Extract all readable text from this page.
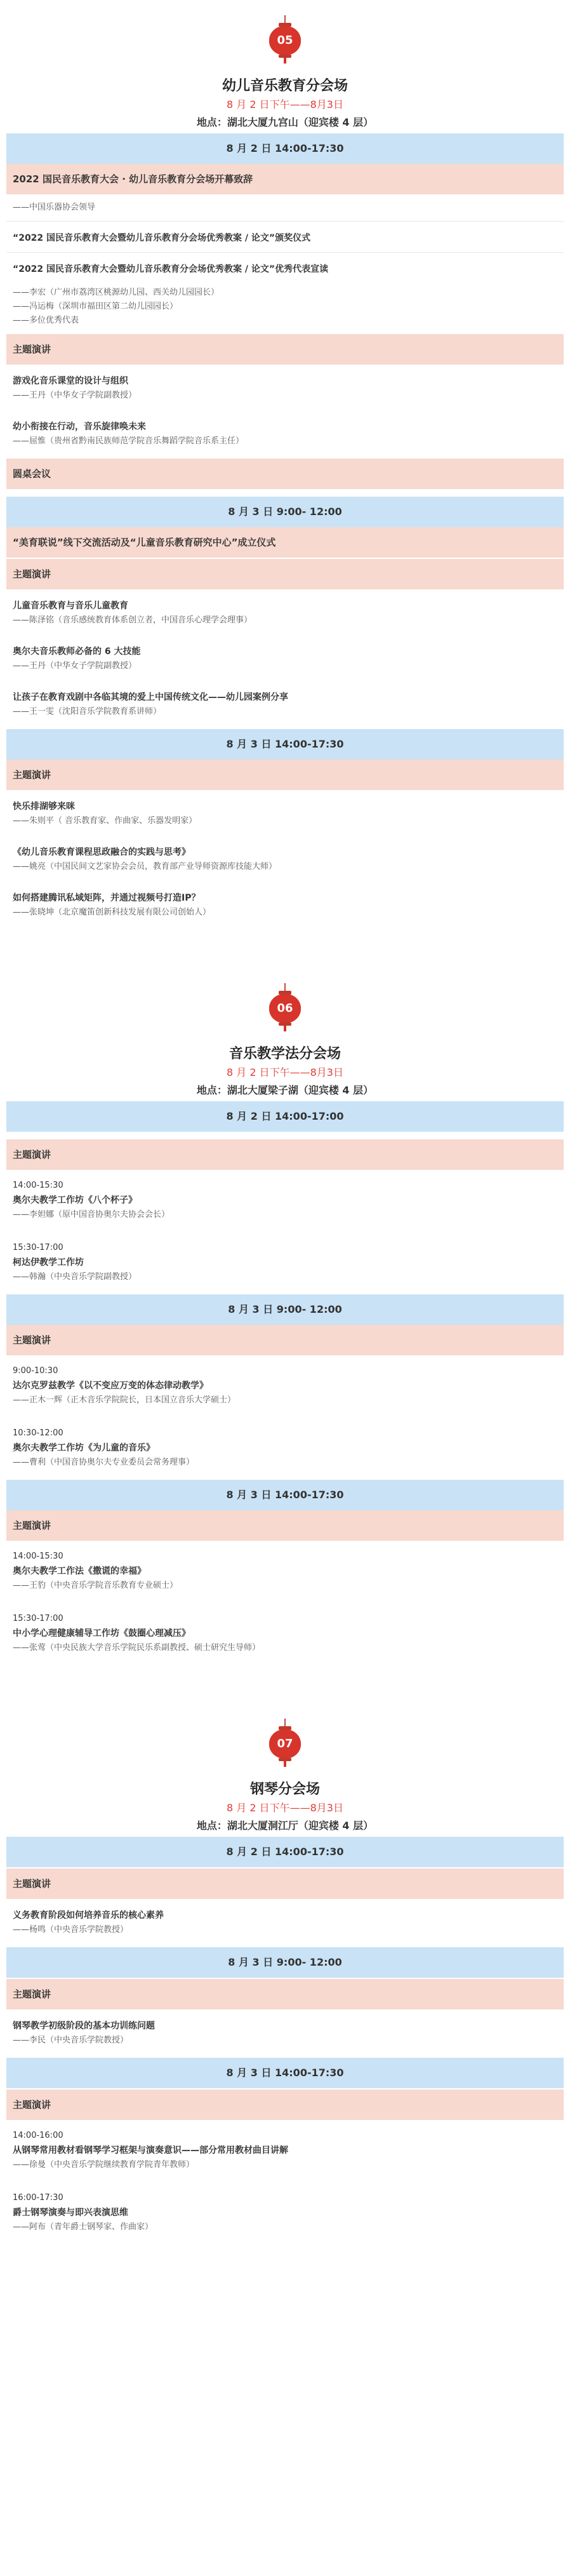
05
幼儿音乐教育分会场
8 月 2 日下午——8月3日
地点：湖北大厦九宫山（迎宾楼 4 层）
8 月 2 日 14:00-17:30
2022 国民音乐教育大会 · 幼儿音乐教育分会场开幕致辞
——中国乐器协会领导
“2022 国民音乐教育大会暨幼儿音乐教育分会场优秀教案 / 论文”颁奖仪式
“2022 国民音乐教育大会暨幼儿音乐教育分会场优秀教案 / 论文”优秀代表宣读
——李宏（广州市荔湾区桃源幼儿园、西关幼儿园园长）
——冯运梅（深圳市福田区第二幼儿园园长）
——多位优秀代表
主题演讲
游戏化音乐课堂的设计与组织
——王丹（中华女子学院副教授）
幼小衔接在行动，音乐旋律唤未来
——屈惟（贵州省黔南民族师范学院音乐舞蹈学院音乐系主任）
圆桌会议
8 月 3 日 9:00- 12:00
“美育联说”线下交流活动及“儿童音乐教育研究中心”成立仪式
主题演讲
儿童音乐教育与音乐儿童教育
——陈泽铭（音乐感统教育体系创立者，中国音乐心理学会理事）
奥尔夫音乐教师必备的 6 大技能
——王丹（中华女子学院副教授）
让孩子在教育戏剧中各临其境的爱上中国传统文化——幼儿园案例分享
——王一雯（沈阳音乐学院教育系讲师）
8 月 3 日 14:00-17:30
主题演讲
快乐排湖够来咪
——朱则平（ 音乐教育家、作曲家、乐器发明家）
《幼儿音乐教育课程思政融合的实践与思考》
——姚亮（中国民间文艺家协会会员，教育部产业导师资源库技能大师）
如何搭建腾讯私域矩阵，并通过视频号打造IP？
——张晓坤（北京魔笛创新科技发展有限公司创始人）
06
音乐教学法分会场
8 月 2 日下午——8月3日
地点：湖北大厦梁子湖（迎宾楼 4 层）
8 月 2 日 14:00-17:00
主题演讲
14:00-15:30
奥尔夫教学工作坊《八个杯子》
——李妲娜（原中国音协奥尔夫协会会长）
15:30-17:00
柯达伊教学工作坊
——韩瀚（中央音乐学院副教授）
8 月 3 日 9:00- 12:00
主题演讲
9:00-10:30
达尔克罗兹教学《以不变应万变的体态律动教学》
——正木一辉（正木音乐学院院长，日本国立音乐大学硕士）
10:30-12:00
奥尔夫教学工作坊《为儿童的音乐》
——曹利（中国音协奥尔夫专业委员会常务理事）
8 月 3 日 14:00-17:30
主题演讲
14:00-15:30
奥尔夫教学工作法《撒谎的幸福》
——王豹（中央音乐学院音乐教育专业硕士）
15:30-17:00
中小学心理健康辅导工作坊《鼓圈心理减压》
——张莺（中央民族大学音乐学院民乐系副教授、硕士研究生导师）
07
钢琴分会场
8 月 2 日下午——8月3日
地点：湖北大厦洞江厅（迎宾楼 4 层）
8 月 2 日 14:00-17:30
主题演讲
义务教育阶段如何培养音乐的核心素养
——杨鸣（中央音乐学院教授）
8 月 3 日 9:00- 12:00
主题演讲
钢琴教学初级阶段的基本功训练问题
——李民（中央音乐学院教授）
8 月 3 日 14:00-17:30
主题演讲
14:00-16:00
从钢琴常用教材看钢琴学习框架与演奏意识——部分常用教材曲目讲解
——徐曼（中央音乐学院继续教育学院青年教师）
16:00-17:30
爵士钢琴演奏与即兴表演思维
——阿布（青年爵士钢琴家、作曲家）
